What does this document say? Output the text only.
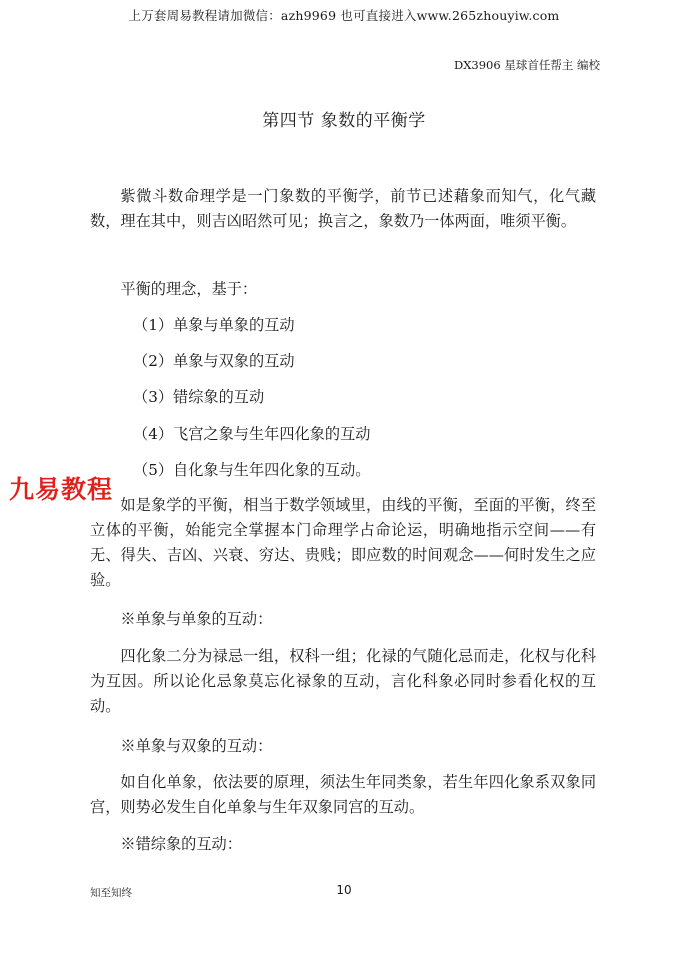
上万套周易教程请加微信：azh9969 也可直接进入www.265zhouyiw.com
DX3906 星球首任帮主 编校
第四节 象数的平衡学
紫微斗数命理学是一门象数的平衡学，前节已述藉象而知气，化气藏数，理在其中，则吉凶昭然可见；换言之，象数乃一体两面，唯须平衡。
平衡的理念，基于：
（1）单象与单象的互动
（2）单象与双象的互动
（3）错综象的互动
（4）飞宫之象与生年四化象的互动
（5）自化象与生年四化象的互动。
九易教程
如是象学的平衡，相当于数学领域里，由线的平衡，至面的平衡，终至立体的平衡，始能完全掌握本门命理学占命论运，明确地指示空间——有无、得失、吉凶、兴衰、穷达、贵贱；即应数的时间观念——何时发生之应验。
※单象与单象的互动：
四化象二分为禄忌一组，权科一组；化禄的气随化忌而走，化权与化科为互因。所以论化忌象莫忘化禄象的互动，言化科象必同时参看化权的互动。
※单象与双象的互动：
如自化单象，依法要的原理，须法生年同类象，若生年四化象系双象同宫，则势必发生自化单象与生年双象同宫的互动。
※错综象的互动：
知至知终	10
